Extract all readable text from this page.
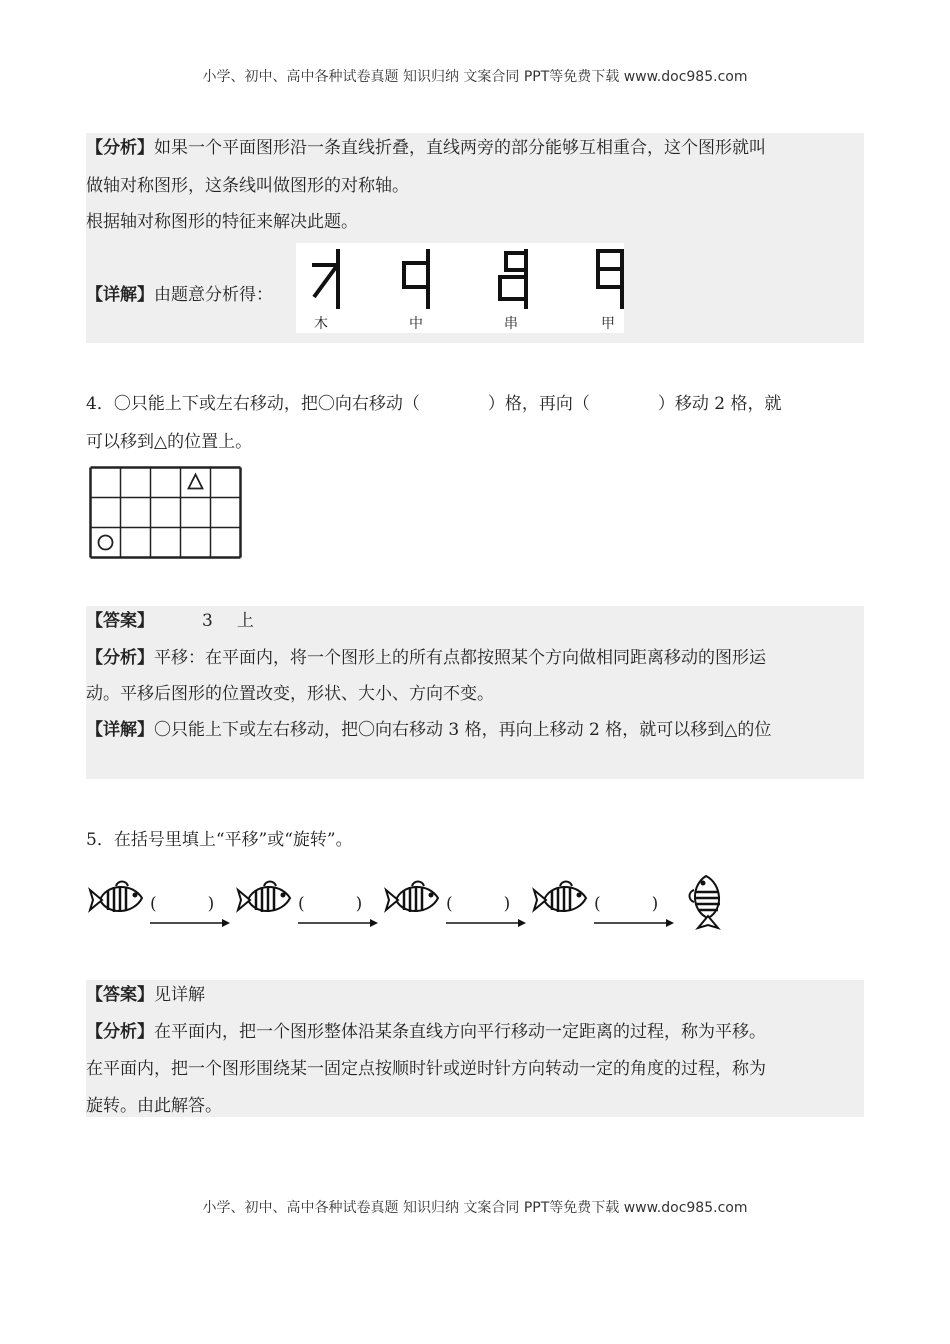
小学、初中、高中各种试卷真题 知识归纳 文案合同 PPT等免费下载 www.doc985.com
【分析】如果一个平面图形沿一条直线折叠，直线两旁的部分能够互相重合，这个图形就叫
做轴对称图形，这条线叫做图形的对称轴。
根据轴对称图形的特征来解决此题。
【详解】由题意分析得：
木	中	串	甲
4．〇只能上下或左右移动，把〇向右移动（　　　　）格，再向（　　　　）移动 2 格，就
可以移到△的位置上。
【答案】	3 上
【分析】平移：在平面内，将一个图形上的所有点都按照某个方向做相同距离移动的图形运
动。平移后图形的位置改变，形状、大小、方向不变。
【详解】〇只能上下或左右移动，把〇向右移动 3 格，再向上移动 2 格，就可以移到△的位
5．在括号里填上“平移”或“旋转”。
(　　　)	(　　　)	(　　　)	(　　　)
【答案】见详解
【分析】在平面内，把一个图形整体沿某条直线方向平行移动一定距离的过程，称为平移。
在平面内，把一个图形围绕某一固定点按顺时针或逆时针方向转动一定的角度的过程，称为
旋转。由此解答。
小学、初中、高中各种试卷真题 知识归纳 文案合同 PPT等免费下载 www.doc985.com
